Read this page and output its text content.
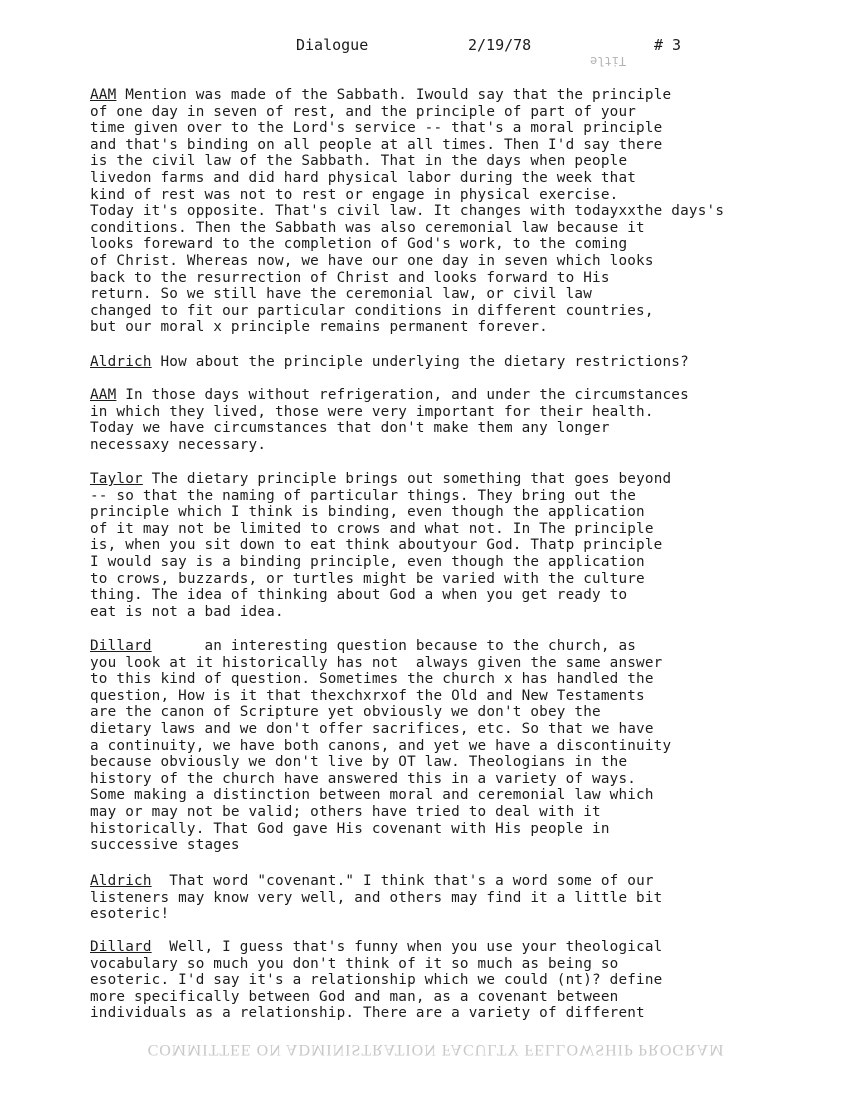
Dialogue	2/19/78	# 3
Title
AAM Mention was made of the Sabbath. Iwould say that the principle
of one day in seven of rest, and the principle of part of your
time given over to the Lord's service -- that's a moral principle
and that's binding on all people at all times. Then I'd say there
is the civil law of the Sabbath. That in the days when people
livedon farms and did hard physical labor during the week that
kind of rest was not to rest or engage in physical exercise.
Today it's opposite. That's civil law. It changes with todayxxthe days's
conditions. Then the Sabbath was also ceremonial law because it
looks foreward to the completion of God's work, to the coming
of Christ. Whereas now, we have our one day in seven which looks
back to the resurrection of Christ and looks forward to His
return. So we still have the ceremonial law, or civil law
changed to fit our particular conditions in different countries,
but our moral x principle remains permanent forever.
Aldrich How about the principle underlying the dietary restrictions?
AAM In those days without refrigeration, and under the circumstances
in which they lived, those were very important for their health.
Today we have circumstances that don't make them any longer
necessaxy necessary.
Taylor The dietary principle brings out something that goes beyond
-- so that the naming of particular things. They bring out the
principle which I think is binding, even though the application
of it may not be limited to crows and what not. In The principle
is, when you sit down to eat think aboutyour God. Thatp principle
I would say is a binding principle, even though the application
to crows, buzzards, or turtles might be varied with the culture
thing. The idea of thinking about God a when you get ready to
eat is not a bad idea.
Dillard      an interesting question because to the church, as
you look at it historically has not  always given the same answer
to this kind of question. Sometimes the church x has handled the
question, How is it that thexchxrxof the Old and New Testaments
are the canon of Scripture yet obviously we don't obey the
dietary laws and we don't offer sacrifices, etc. So that we have
a continuity, we have both canons, and yet we have a discontinuity
because obviously we don't live by OT law. Theologians in the
history of the church have answered this in a variety of ways.
Some making a distinction between moral and ceremonial law which
may or may not be valid; others have tried to deal with it
historically. That God gave His covenant with His people in
successive stages
Aldrich  That word "covenant." I think that's a word some of our
listeners may know very well, and others may find it a little bit
esoteric!
Dillard  Well, I guess that's funny when you use your theological
vocabulary so much you don't think of it so much as being so
esoteric. I'd say it's a relationship which we could (nt)? define
more specifically between God and man, as a covenant between
individuals as a relationship. There are a variety of different
COMMITTEE ON ADMINISTRATION FACULTY FELLOWSHIP PROGRAM
